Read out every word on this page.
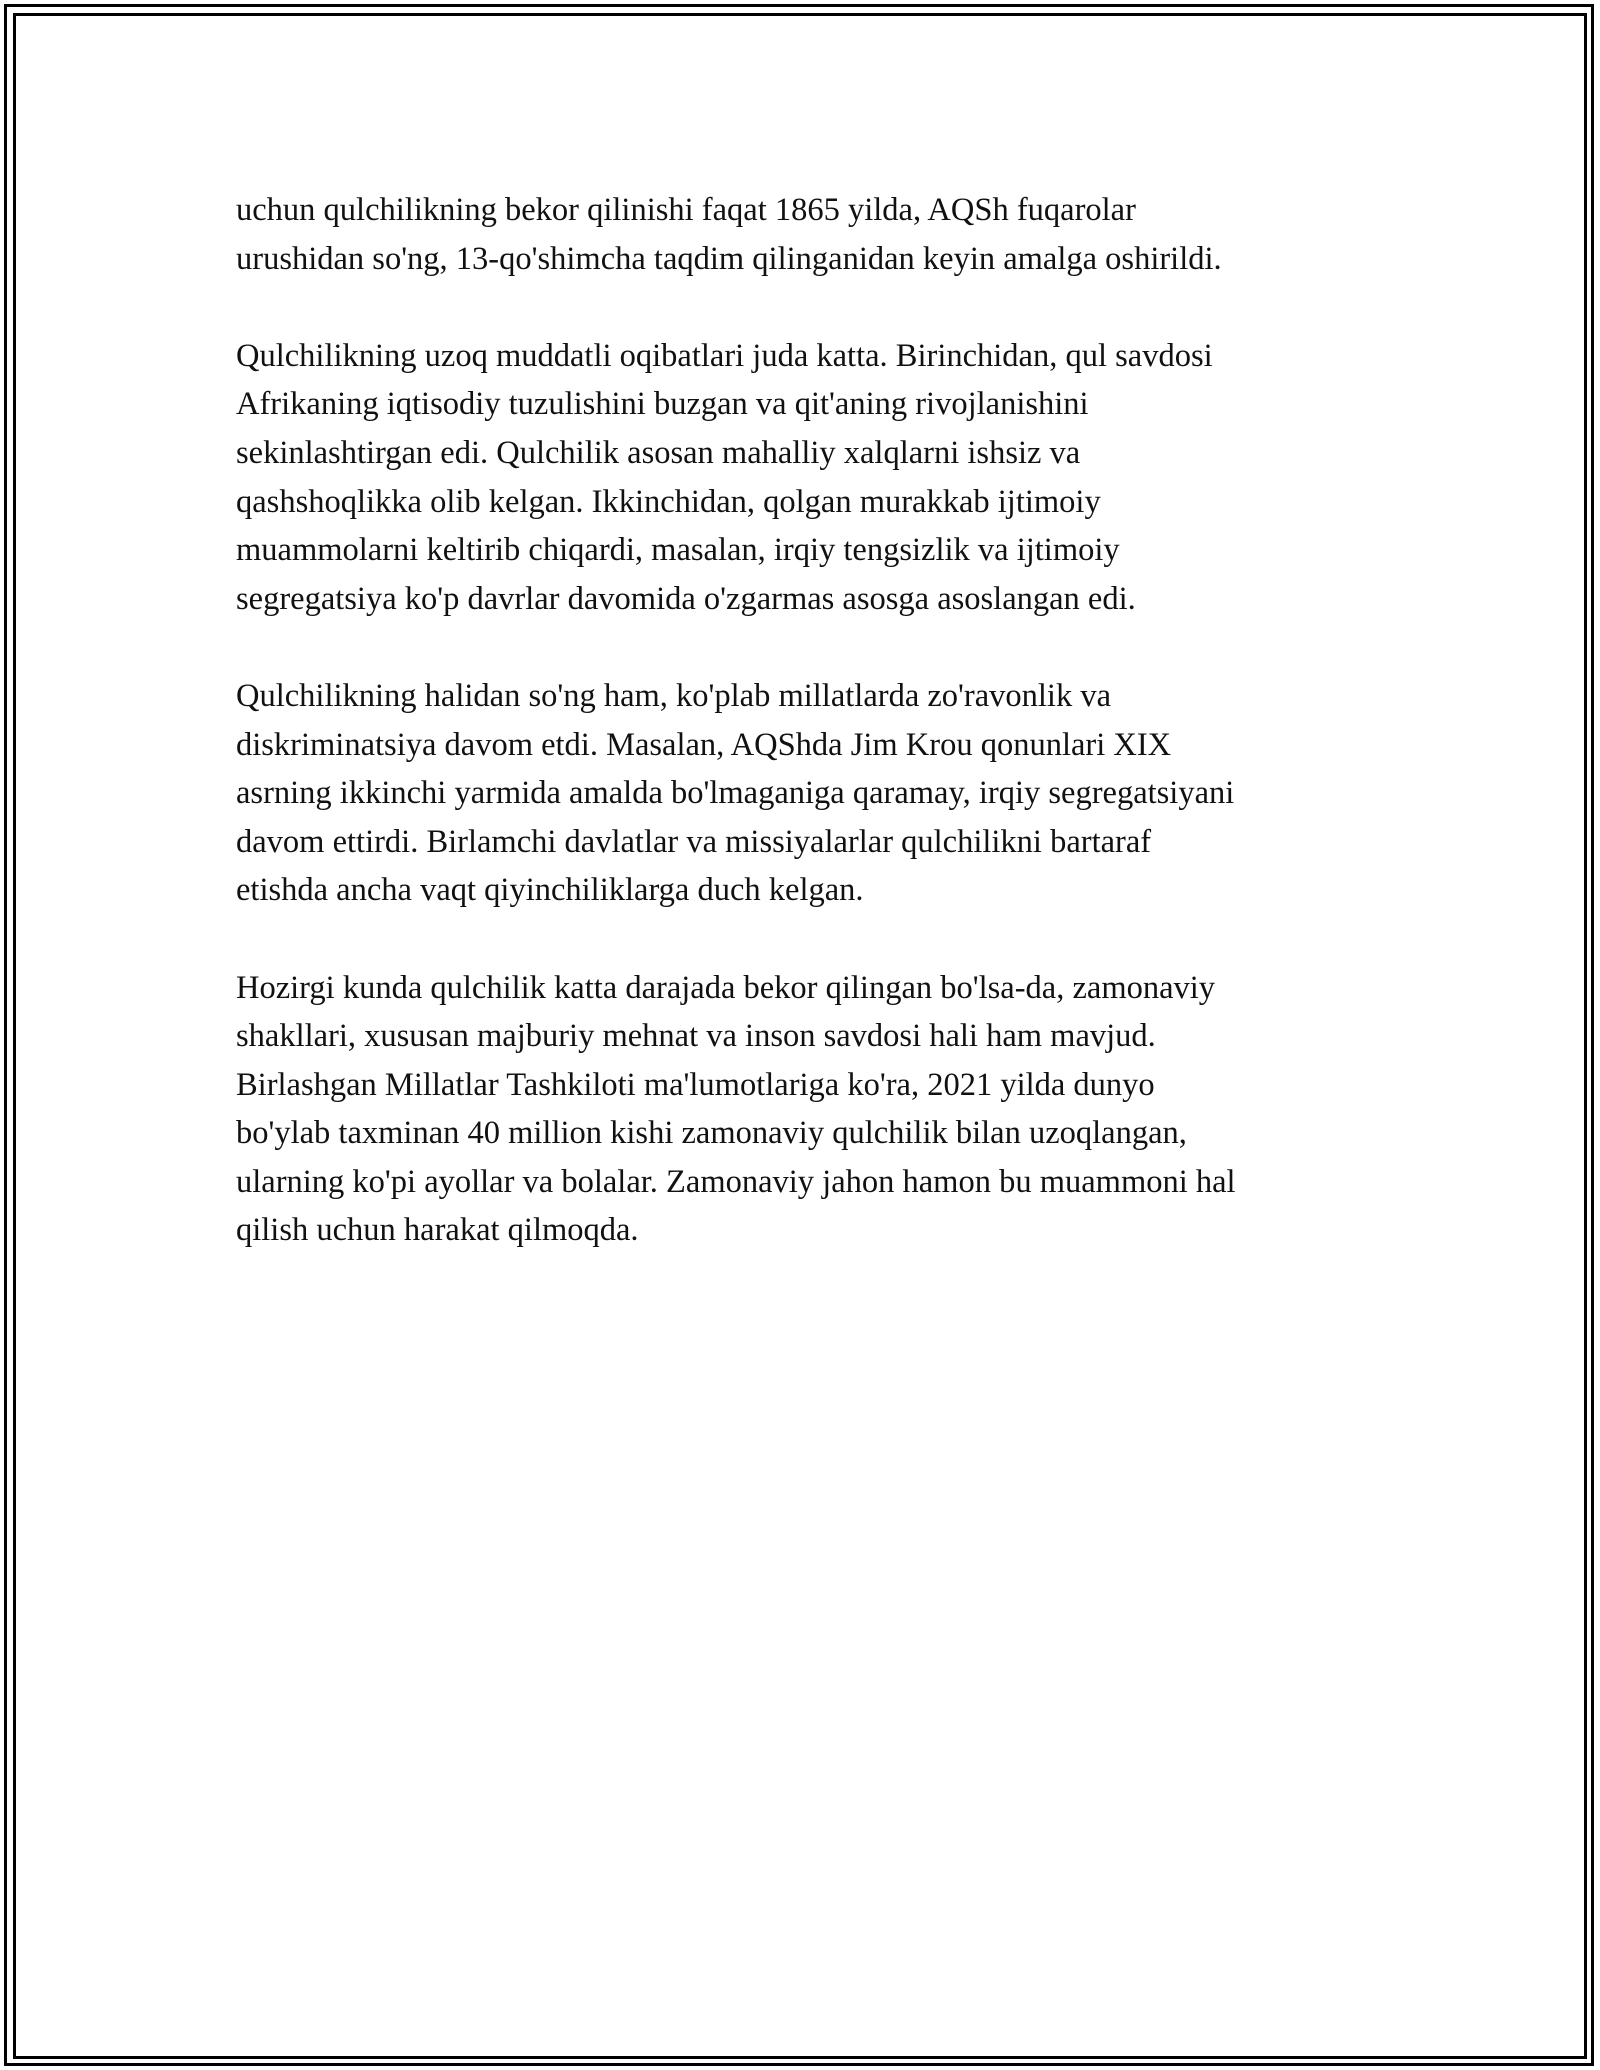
uchun qulchilikning bekor qilinishi faqat 1865 yilda, AQSh fuqarolar
urushidan so'ng, 13-qo'shimcha taqdim qilinganidan keyin amalga oshirildi.

Qulchilikning uzoq muddatli oqibatlari juda katta. Birinchidan, qul savdosi
Afrikaning iqtisodiy tuzulishini buzgan va qit'aning rivojlanishini
sekinlashtirgan edi. Qulchilik asosan mahalliy xalqlarni ishsiz va
qashshoqlikka olib kelgan. Ikkinchidan, qolgan murakkab ijtimoiy
muammolarni keltirib chiqardi, masalan, irqiy tengsizlik va ijtimoiy
segregatsiya ko'p davrlar davomida o'zgarmas asosga asoslangan edi.

Qulchilikning halidan so'ng ham, ko'plab millatlarda zo'ravonlik va
diskriminatsiya davom etdi. Masalan, AQShda Jim Krou qonunlari XIX
asrning ikkinchi yarmida amalda bo'lmaganiga qaramay, irqiy segregatsiyani
davom ettirdi. Birlamchi davlatlar va missiyalarlar qulchilikni bartaraf
etishda ancha vaqt qiyinchiliklarga duch kelgan.

Hozirgi kunda qulchilik katta darajada bekor qilingan bo'lsa-da, zamonaviy
shakllari, xususan majburiy mehnat va inson savdosi hali ham mavjud.
Birlashgan Millatlar Tashkiloti ma'lumotlariga ko'ra, 2021 yilda dunyo
bo'ylab taxminan 40 million kishi zamonaviy qulchilik bilan uzoqlangan,
ularning ko'pi ayollar va bolalar. Zamonaviy jahon hamon bu muammoni hal
qilish uchun harakat qilmoqda.
